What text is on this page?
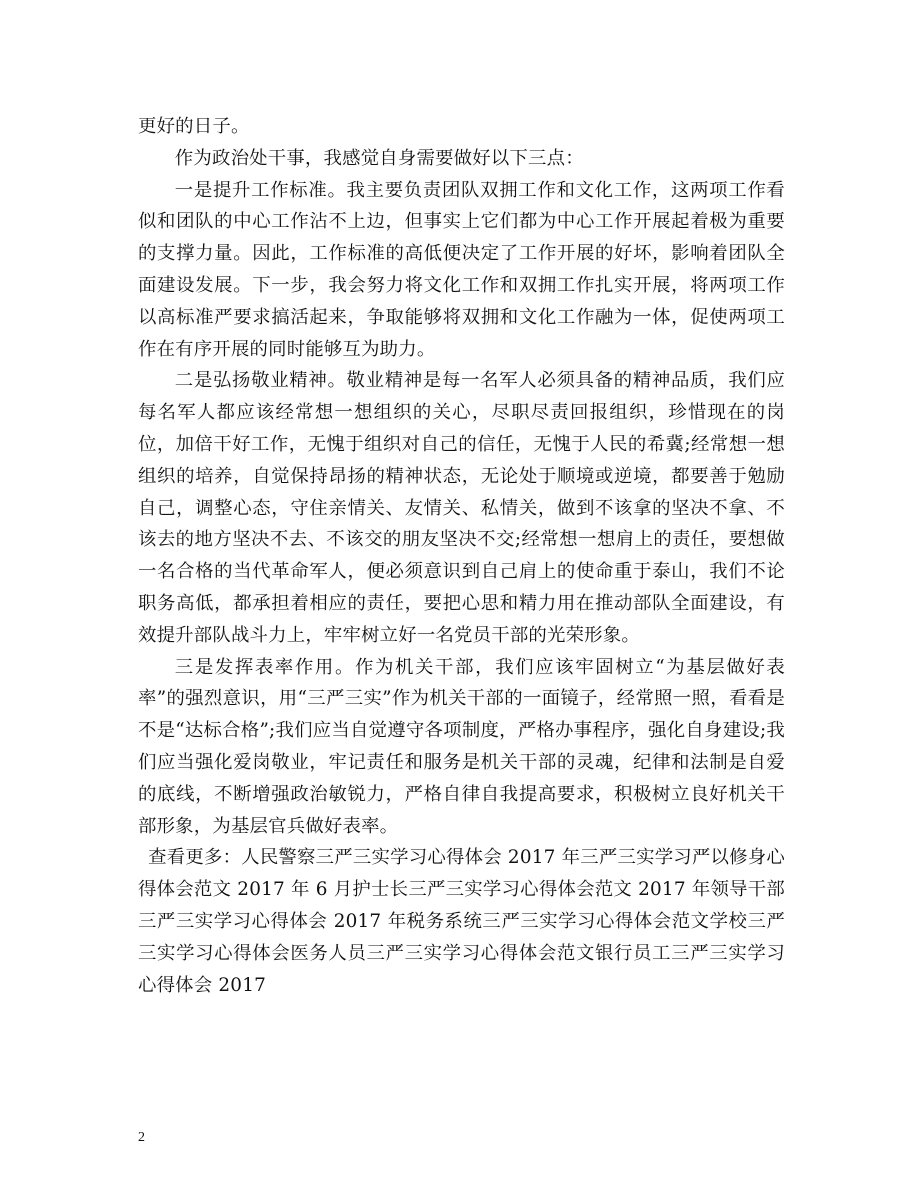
更好的日子。

作为政治处干事，我感觉自身需要做好以下三点：

一是提升工作标准。我主要负责团队双拥工作和文化工作，这两项工作看似和团队的中心工作沾不上边，但事实上它们都为中心工作开展起着极为重要的支撑力量。因此，工作标准的高低便决定了工作开展的好坏，影响着团队全面建设发展。下一步，我会努力将文化工作和双拥工作扎实开展，将两项工作以高标准严要求搞活起来，争取能够将双拥和文化工作融为一体，促使两项工作在有序开展的同时能够互为助力。

二是弘扬敬业精神。敬业精神是每一名军人必须具备的精神品质，我们应每名军人都应该经常想一想组织的关心，尽职尽责回报组织，珍惜现在的岗位，加倍干好工作，无愧于组织对自己的信任，无愧于人民的希冀;经常想一想组织的培养，自觉保持昂扬的精神状态，无论处于顺境或逆境，都要善于勉励自己，调整心态，守住亲情关、友情关、私情关，做到不该拿的坚决不拿、不该去的地方坚决不去、不该交的朋友坚决不交;经常想一想肩上的责任，要想做一名合格的当代革命军人，便必须意识到自己肩上的使命重于泰山，我们不论职务高低，都承担着相应的责任，要把心思和精力用在推动部队全面建设，有效提升部队战斗力上，牢牢树立好一名党员干部的光荣形象。

三是发挥表率作用。作为机关干部，我们应该牢固树立“为基层做好表率”的强烈意识，用“三严三实”作为机关干部的一面镜子，经常照一照，看看是不是“达标合格”;我们应当自觉遵守各项制度，严格办事程序，强化自身建设;我们应当强化爱岗敬业，牢记责任和服务是机关干部的灵魂，纪律和法制是自爱的底线，不断增强政治敏锐力，严格自律自我提高要求，积极树立良好机关干部形象，为基层官兵做好表率。

查看更多：人民警察三严三实学习心得体会 2017 年三严三实学习严以修身心得体会范文 2017 年 6 月护士长三严三实学习心得体会范文 2017 年领导干部三严三实学习心得体会 2017 年税务系统三严三实学习心得体会范文学校三严三实学习心得体会医务人员三严三实学习心得体会范文银行员工三严三实学习心得体会 2017

2
